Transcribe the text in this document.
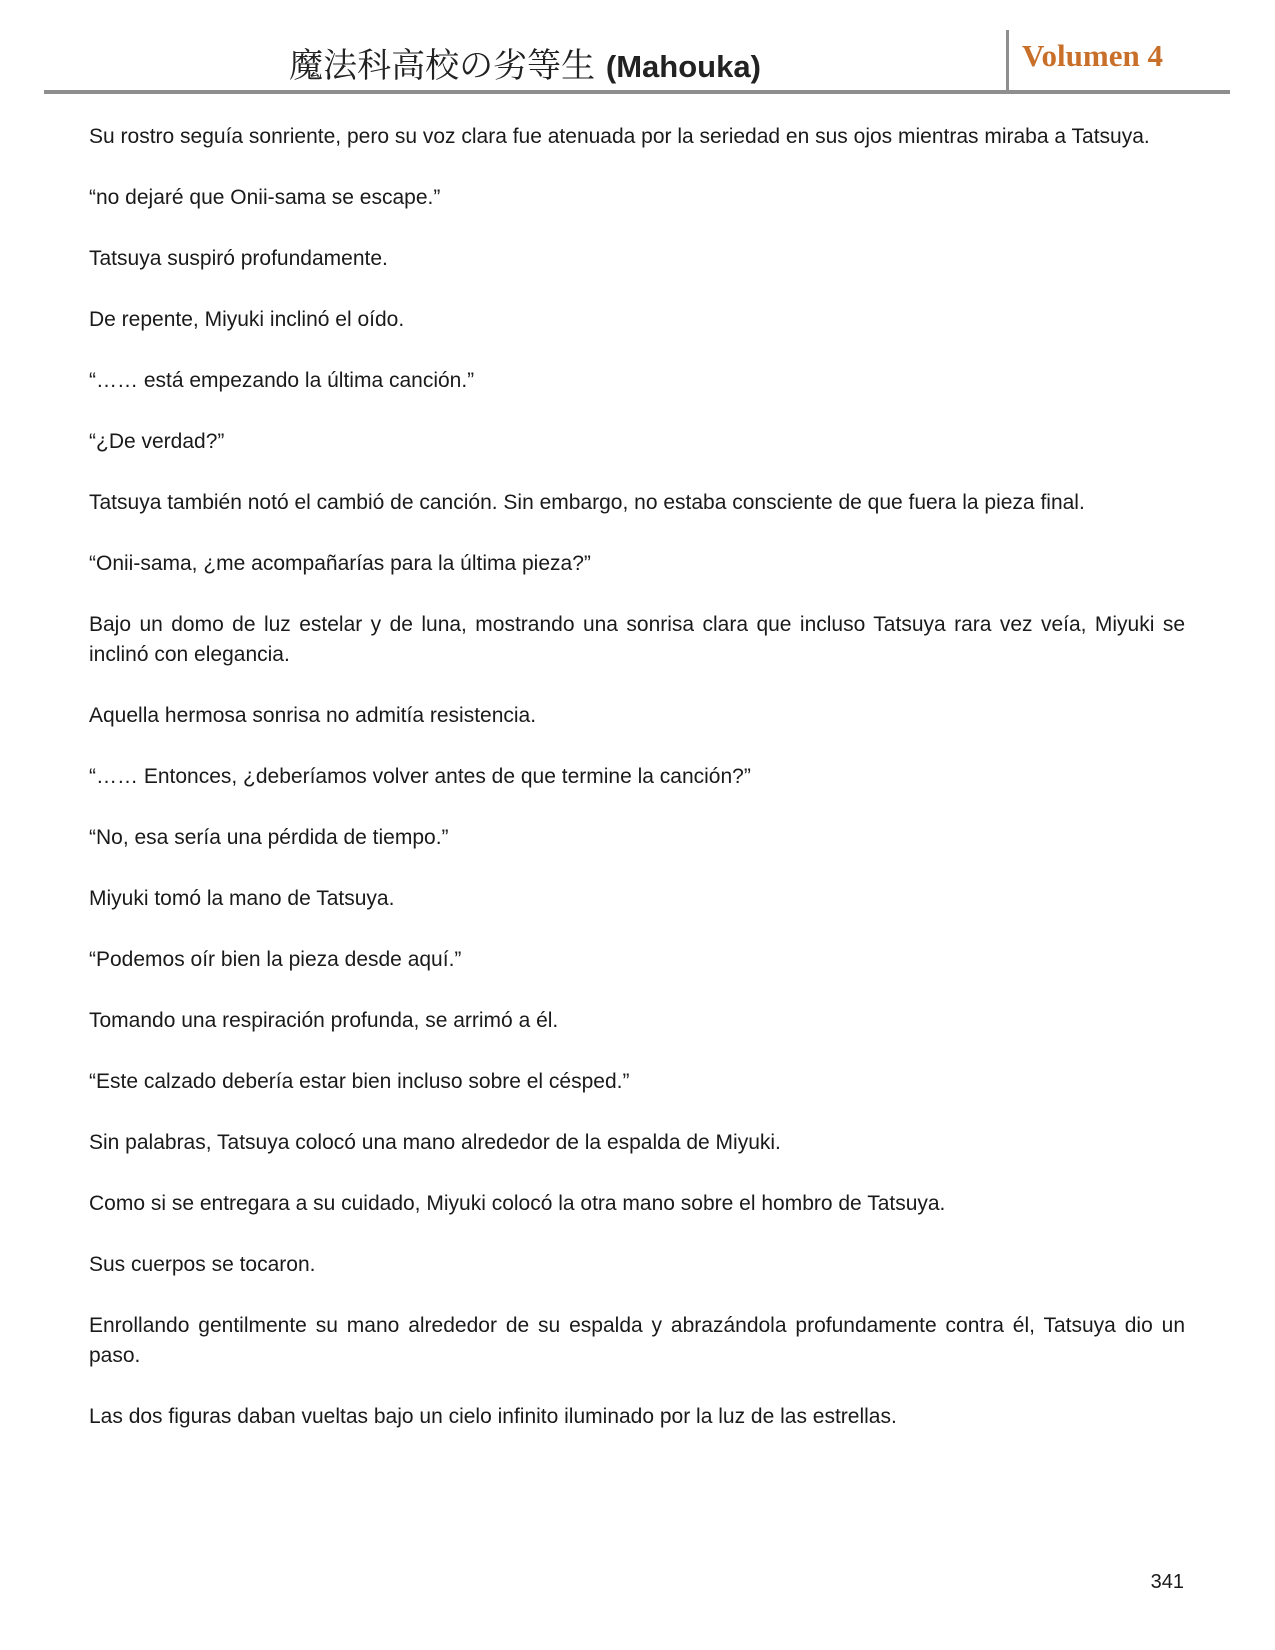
魔法科高校の劣等生 (Mahouka)	Volumen 4

Su rostro seguía sonriente, pero su voz clara fue atenuada por la seriedad en sus ojos mientras miraba a Tatsuya.

“no dejaré que Onii-sama se escape.”

Tatsuya suspiró profundamente.

De repente, Miyuki inclinó el oído.

“…… está empezando la última canción.”

“¿De verdad?”

Tatsuya también notó el cambió de canción. Sin embargo, no estaba consciente de que fuera la pieza final.

“Onii-sama, ¿me acompañarías para la última pieza?”

Bajo un domo de luz estelar y de luna, mostrando una sonrisa clara que incluso Tatsuya rara vez veía, Miyuki se inclinó con elegancia.

Aquella hermosa sonrisa no admitía resistencia.

“…… Entonces, ¿deberíamos volver antes de que termine la canción?”

“No, esa sería una pérdida de tiempo.”

Miyuki tomó la mano de Tatsuya.

“Podemos oír bien la pieza desde aquí.”

Tomando una respiración profunda, se arrimó a él.

“Este calzado debería estar bien incluso sobre el césped.”

Sin palabras, Tatsuya colocó una mano alrededor de la espalda de Miyuki.

Como si se entregara a su cuidado, Miyuki colocó la otra mano sobre el hombro de Tatsuya.

Sus cuerpos se tocaron.

Enrollando gentilmente su mano alrededor de su espalda y abrazándola profundamente contra él, Tatsuya dio un paso.

Las dos figuras daban vueltas bajo un cielo infinito iluminado por la luz de las estrellas.

341
